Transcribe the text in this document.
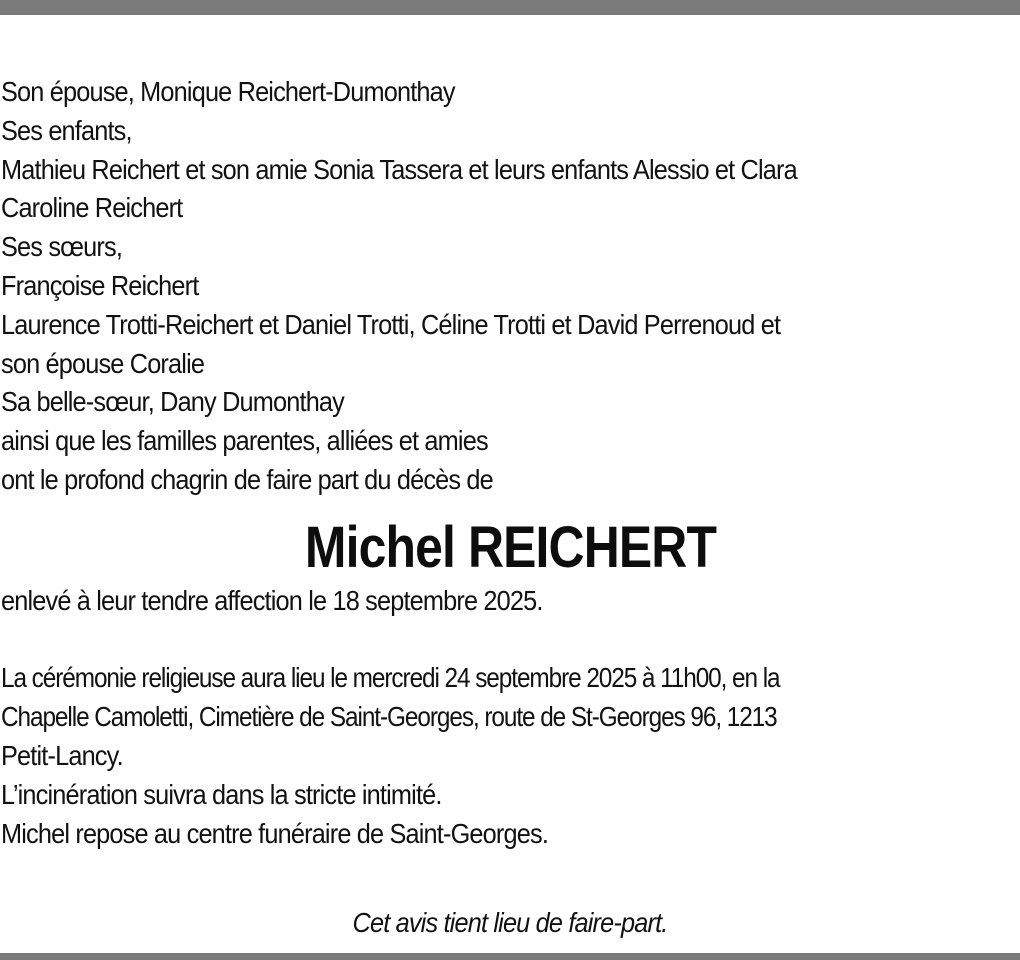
Son épouse, Monique Reichert-Dumonthay
Ses enfants,
Mathieu Reichert et son amie Sonia Tassera et leurs enfants Alessio et Clara
Caroline Reichert
Ses sœurs,
Françoise Reichert
Laurence Trotti-Reichert et Daniel Trotti, Céline Trotti et David Perrenoud et
son épouse Coralie
Sa belle-sœur, Dany Dumonthay
ainsi que les familles parentes, alliées et amies
ont le profond chagrin de faire part du décès de
Michel REICHERT
enlevé à leur tendre affection le 18 septembre 2025.
La cérémonie religieuse aura lieu le mercredi 24 septembre 2025 à 11h00, en la
Chapelle Camoletti, Cimetière de Saint-Georges, route de St-Georges 96, 1213
Petit-Lancy.
L’incinération suivra dans la stricte intimité.
Michel repose au centre funéraire de Saint-Georges.
Cet avis tient lieu de faire-part.
